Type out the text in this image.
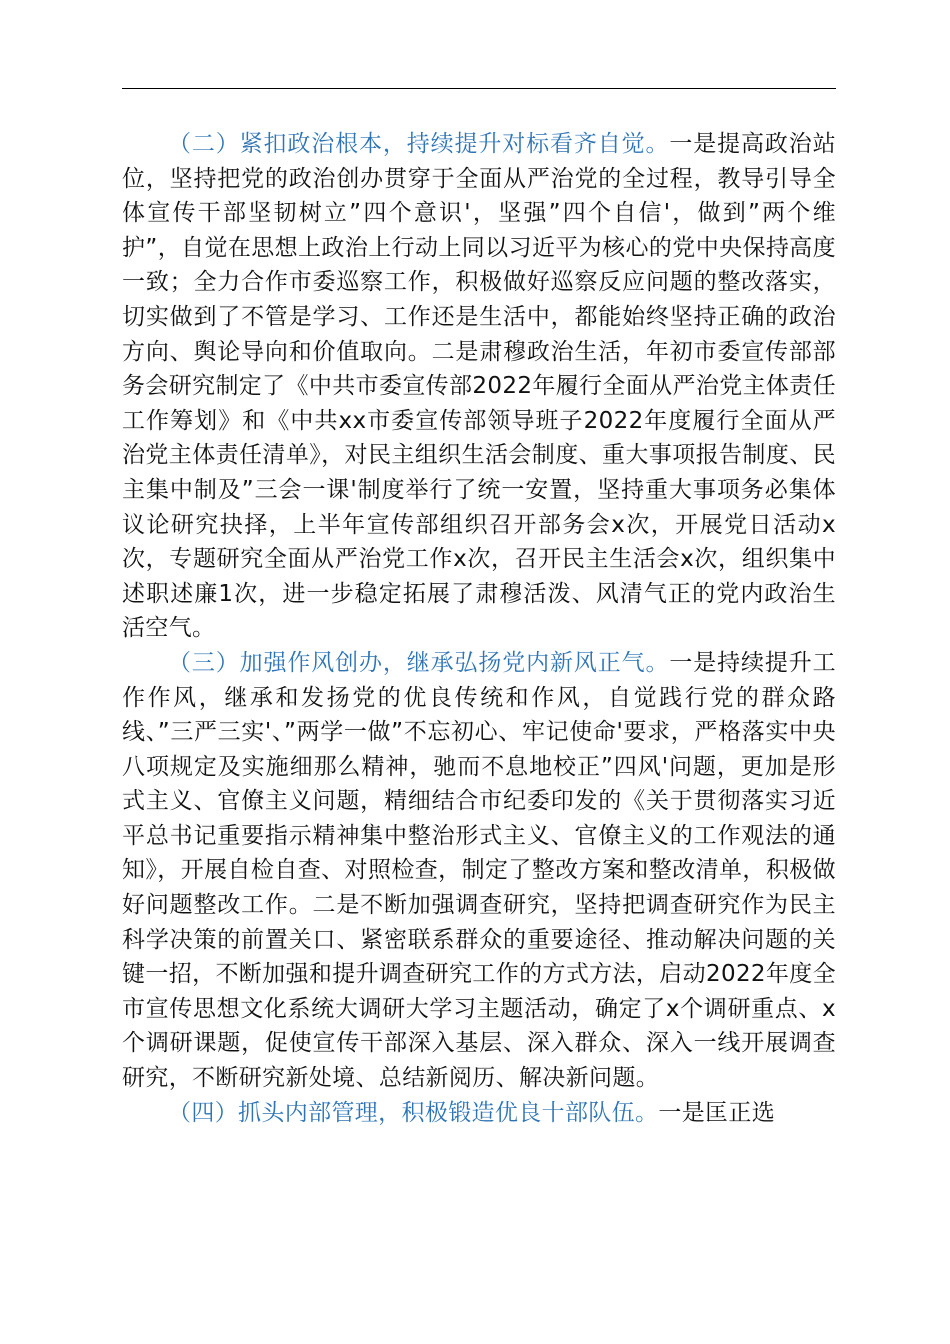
（二）紧扣政治根本，持续提升对标看齐自觉。一是提高政治站位，坚持把党的政治创办贯穿于全面从严治党的全过程，教导引导全体宣传干部坚韧树立”四个意识'，坚强”四个自信'，做到”两个维护”，自觉在思想上政治上行动上同以习近平为核心的党中央保持高度一致；全力合作市委巡察工作，积极做好巡察反应问题的整改落实，切实做到了不管是学习、工作还是生活中，都能始终坚持正确的政治方向、舆论导向和价值取向。二是肃穆政治生活，年初市委宣传部部务会研究制定了《中共市委宣传部2022年履行全面从严治党主体责任工作筹划》和《中共xx市委宣传部领导班子2022年度履行全面从严治党主体责任清单》，对民主组织生活会制度、重大事项报告制度、民主集中制及”三会一课'制度举行了统一安置，坚持重大事项务必集体议论研究抉择，上半年宣传部组织召开部务会x次，开展党日活动x次，专题研究全面从严治党工作x次，召开民主生活会x次，组织集中述职述廉1次，进一步稳定拓展了肃穆活泼、风清气正的党内政治生活空气。

（三）加强作风创办，继承弘扬党内新风正气。一是持续提升工作作风，继承和发扬党的优良传统和作风，自觉践行党的群众路线、”三严三实'、”两学一做”不忘初心、牢记使命'要求，严格落实中央八项规定及实施细那么精神，驰而不息地校正”四风'问题，更加是形式主义、官僚主义问题，精细结合市纪委印发的《关于贯彻落实习近平总书记重要指示精神集中整治形式主义、官僚主义的工作观法的通知》，开展自检自查、对照检查，制定了整改方案和整改清单，积极做好问题整改工作。二是不断加强调查研究，坚持把调查研究作为民主科学决策的前置关口、紧密联系群众的重要途径、推动解决问题的关键一招，不断加强和提升调查研究工作的方式方法，启动2022年度全市宣传思想文化系统大调研大学习主题活动，确定了x个调研重点、x个调研课题，促使宣传干部深入基层、深入群众、深入一线开展调查研究，不断研究新处境、总结新阅历、解决新问题。

（四）抓头内部管理，积极锻造优良十部队伍。一是匡正选
